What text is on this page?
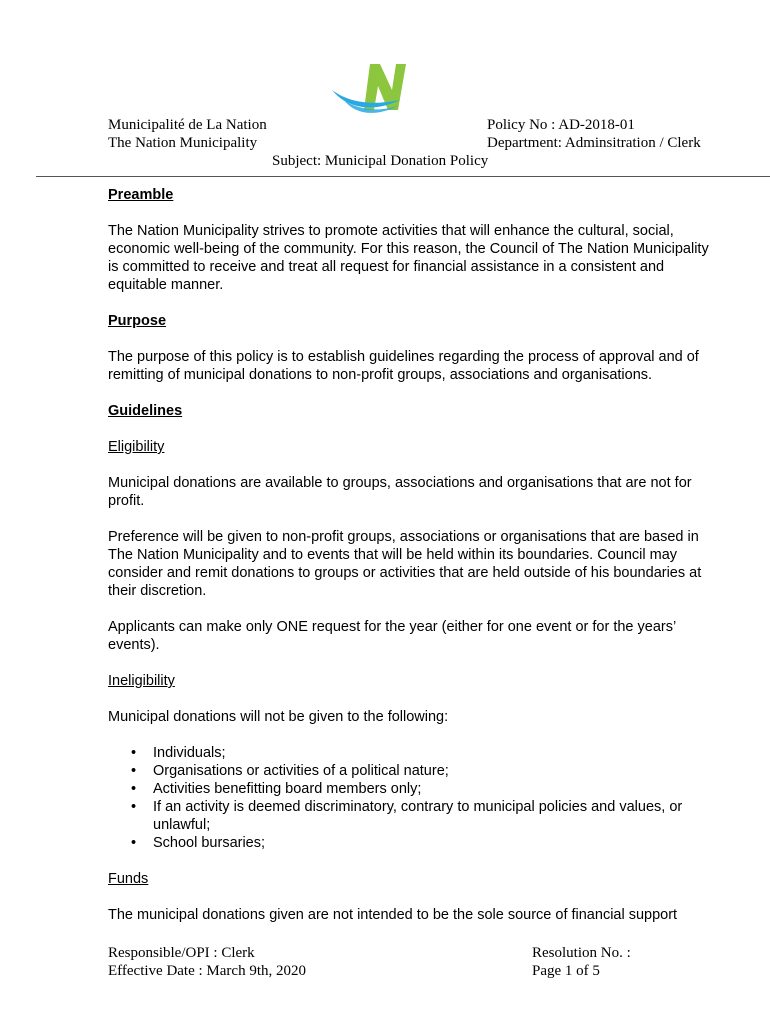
Municipalité de La Nation
The Nation Municipality
Policy No : AD-2018-01
Department: Adminsitration / Clerk
Subject: Municipal Donation Policy
Preamble

The Nation Municipality strives to promote activities that will enhance the cultural, social, economic well-being of the community. For this reason, the Council of The Nation Municipality is committed to receive and treat all request for financial assistance in a consistent and equitable manner.

Purpose

The purpose of this policy is to establish guidelines regarding the process of approval and of remitting of municipal donations to non-profit groups, associations and organisations.

Guidelines
Eligibility

Municipal donations are available to groups, associations and organisations that are not for profit.

Preference will be given to non-profit groups, associations or organisations that are based in The Nation Municipality and to events that will be held within its boundaries. Council may consider and remit donations to groups or activities that are held outside of his boundaries at their discretion.

Applicants can make only ONE request for the year (either for one event or for the years’ events).

Ineligibility

Municipal donations will not be given to the following:

• Individuals;
• Organisations or activities of a political nature;
• Activities benefitting board members only;
• If an activity is deemed discriminatory, contrary to municipal policies and values, or unlawful;
• School bursaries;
Funds

The municipal donations given are not intended to be the sole source of financial support

Responsible/OPI : Clerk
Effective Date : March 9th, 2020
Resolution No. :
Page 1 of 5
